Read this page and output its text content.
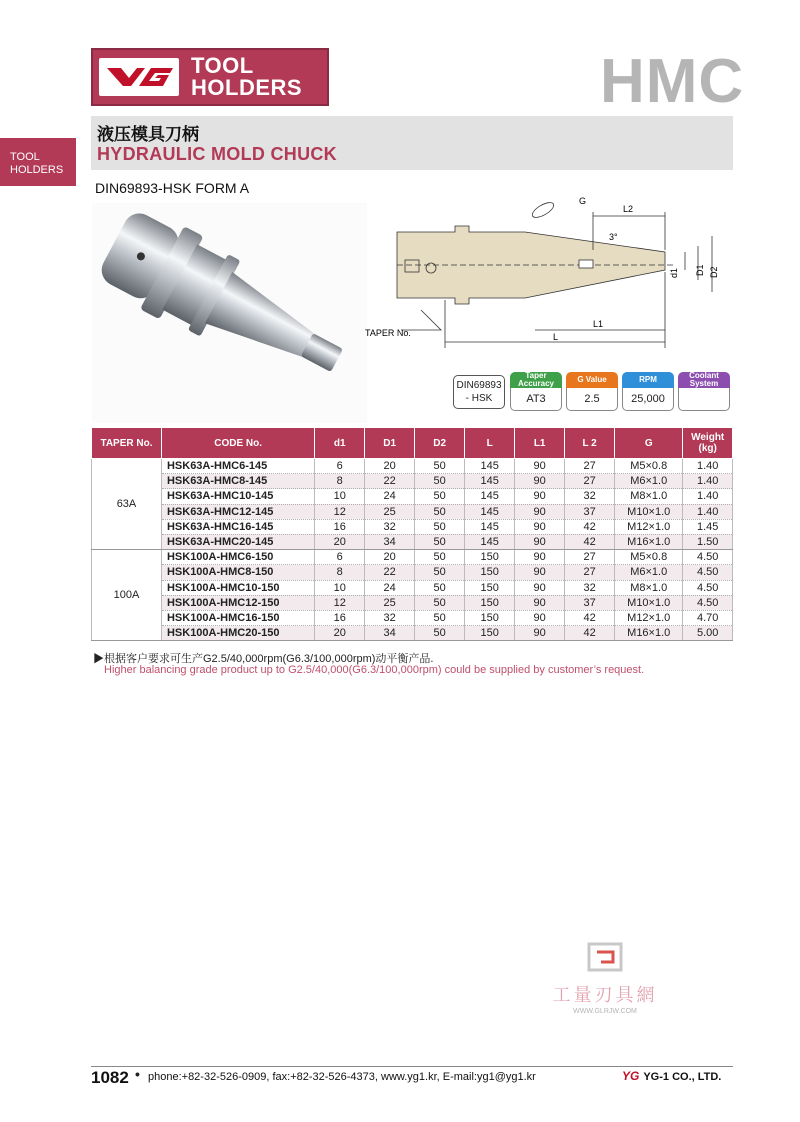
TOOL
HOLDERS	HMC
TOOL
HOLDERS
液压模具刀柄
HYDRAULIC MOLD CHUCK
DIN69893-HSK FORM A
G
L2
3°
d1 D1 D2
L1
L
TAPER No.
DIN69893 - HSK
Taper Accuracy
AT3
G Value
2.5
RPM
25,000
Coolant System
TAPER No.	CODE No.	d1	D1	D2	L	L1	L 2	G	Weight (kg)
63A	HSK63A-HMC6-145	6	20	50	145	90	27	M5×0.8	1.40
	HSK63A-HMC8-145	8	22	50	145	90	27	M6×1.0	1.40
	HSK63A-HMC10-145	10	24	50	145	90	32	M8×1.0	1.40
	HSK63A-HMC12-145	12	25	50	145	90	37	M10×1.0	1.40
	HSK63A-HMC16-145	16	32	50	145	90	42	M12×1.0	1.45
	HSK63A-HMC20-145	20	34	50	145	90	42	M16×1.0	1.50
100A	HSK100A-HMC6-150	6	20	50	150	90	27	M5×0.8	4.50
	HSK100A-HMC8-150	8	22	50	150	90	27	M6×1.0	4.50
	HSK100A-HMC10-150	10	24	50	150	90	32	M8×1.0	4.50
	HSK100A-HMC12-150	12	25	50	150	90	37	M10×1.0	4.50
	HSK100A-HMC16-150	16	32	50	150	90	42	M12×1.0	4.70
	HSK100A-HMC20-150	20	34	50	150	90	42	M16×1.0	5.00
▶根据客户要求可生产G2.5/40,000rpm(G6.3/100,000rpm)动平衡产品.
Higher balancing grade product up to G2.5/40,000(G6.3/100,000rpm) could be supplied by customer’s request.
工量刃具網
WWW.GLRJW.COM
1082 • phone:+82-32-526-0909, fax:+82-32-526-4373, www.yg1.kr, E-mail:yg1@yg1.kr	YG YG-1 CO., LTD.
